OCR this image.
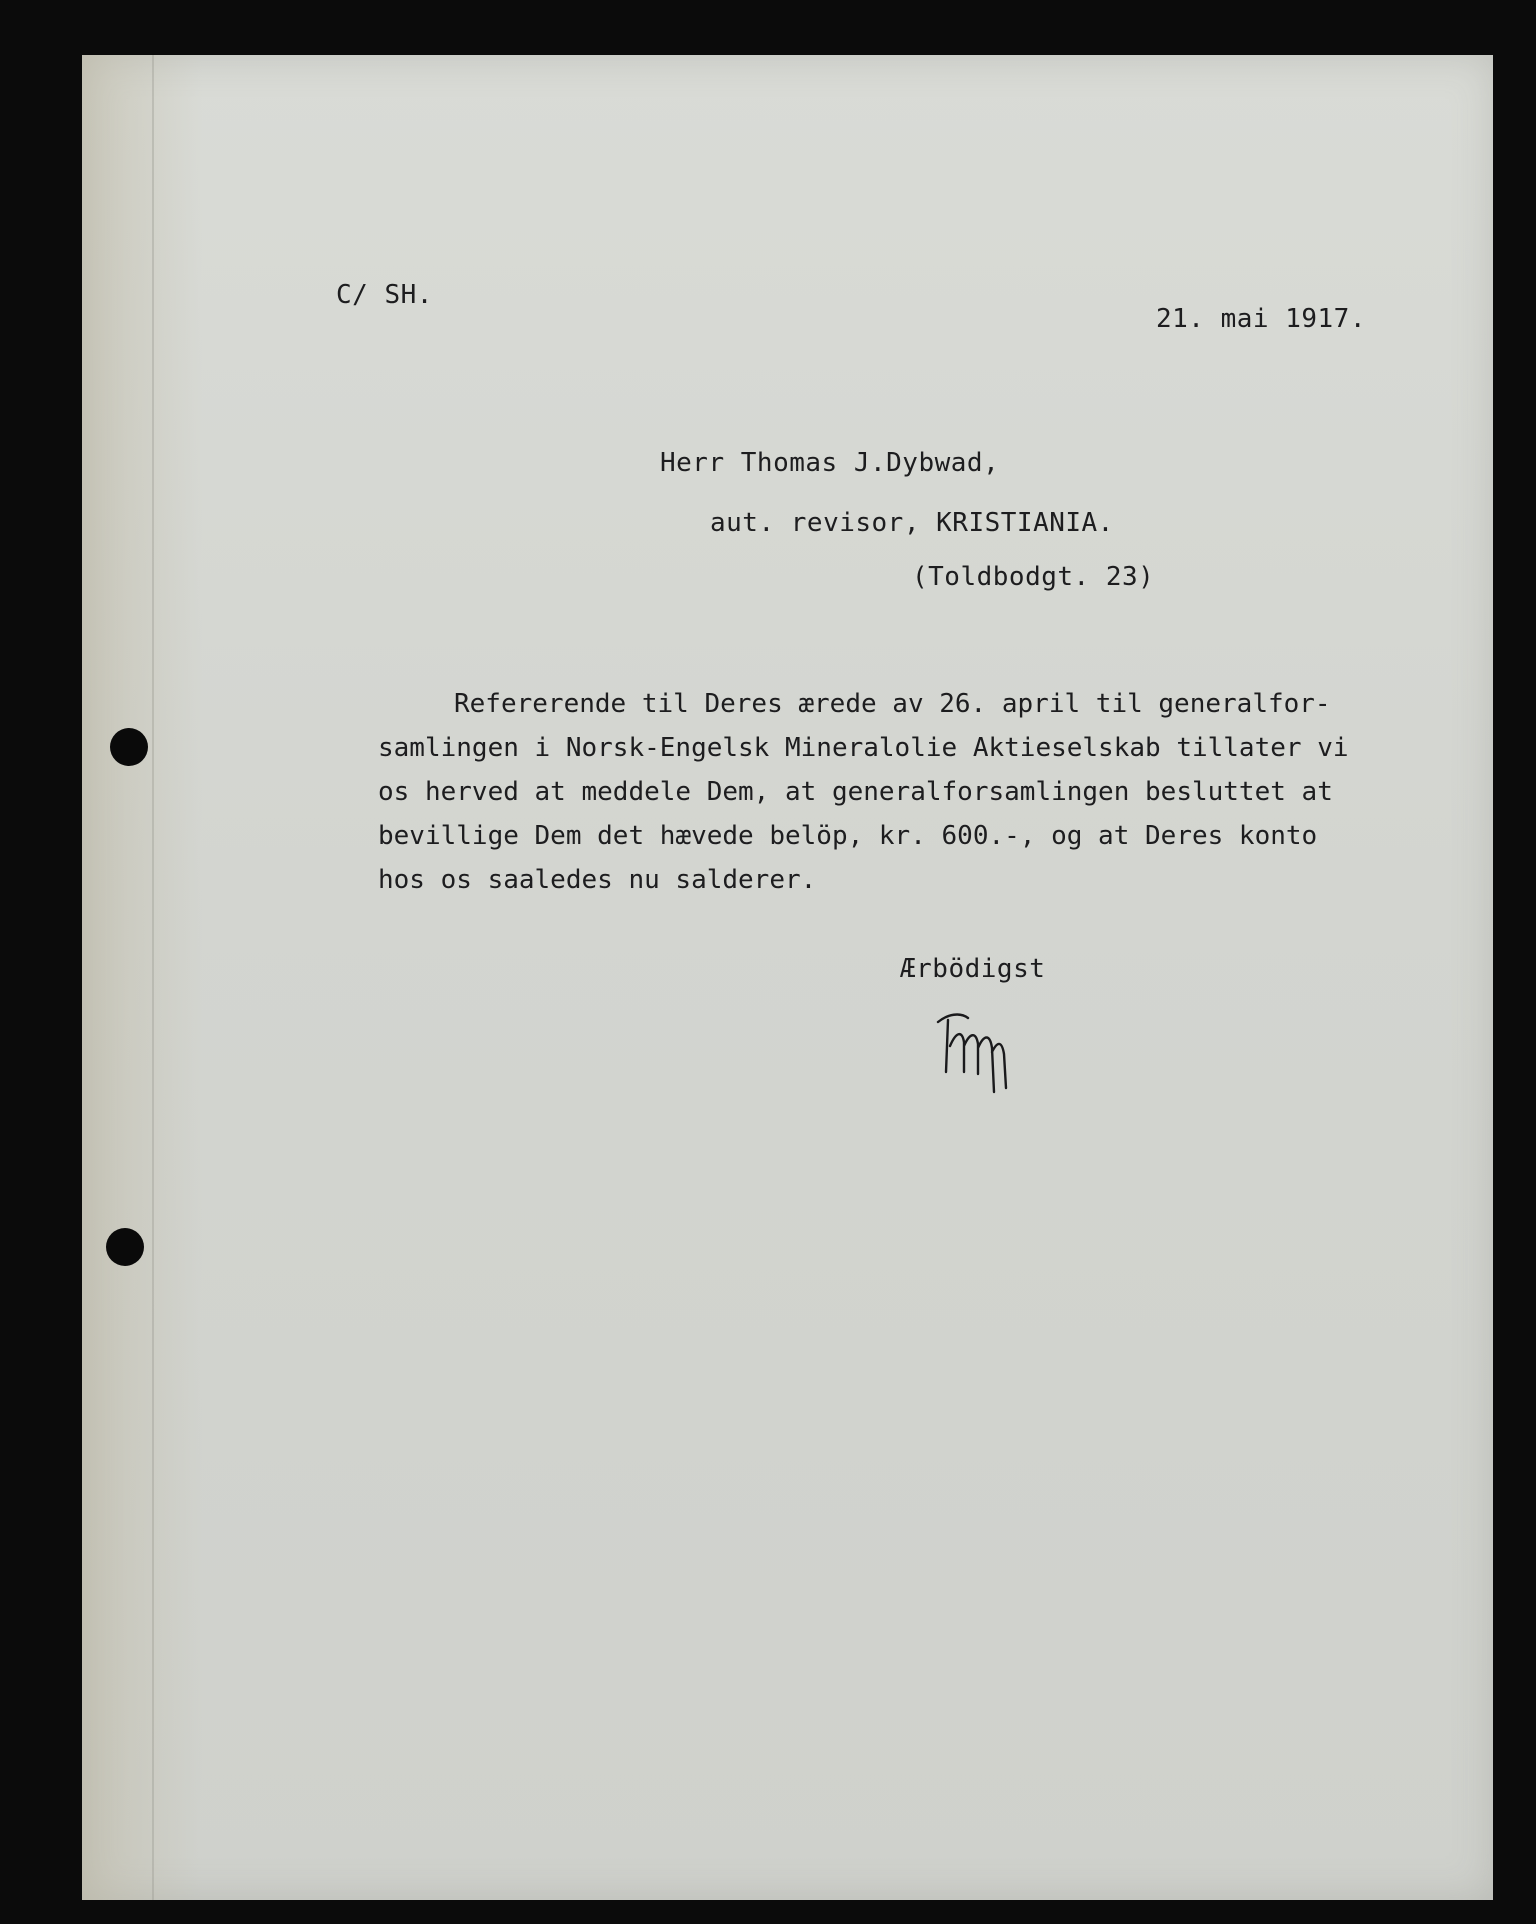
C/ SH.
21. mai 1917.
Herr Thomas J.Dybwad,
aut. revisor, KRISTIANIA.
(Toldbodgt. 23)
Refererende til Deres ærede av 26. april til generalfor-
samlingen i Norsk-Engelsk Mineralolie Aktieselskab tillater vi
os herved at meddele Dem, at generalforsamlingen besluttet at
bevillige Dem det hævede belöp, kr. 600.-, og at Deres konto
hos os saaledes nu salderer.
Ærbödigst
